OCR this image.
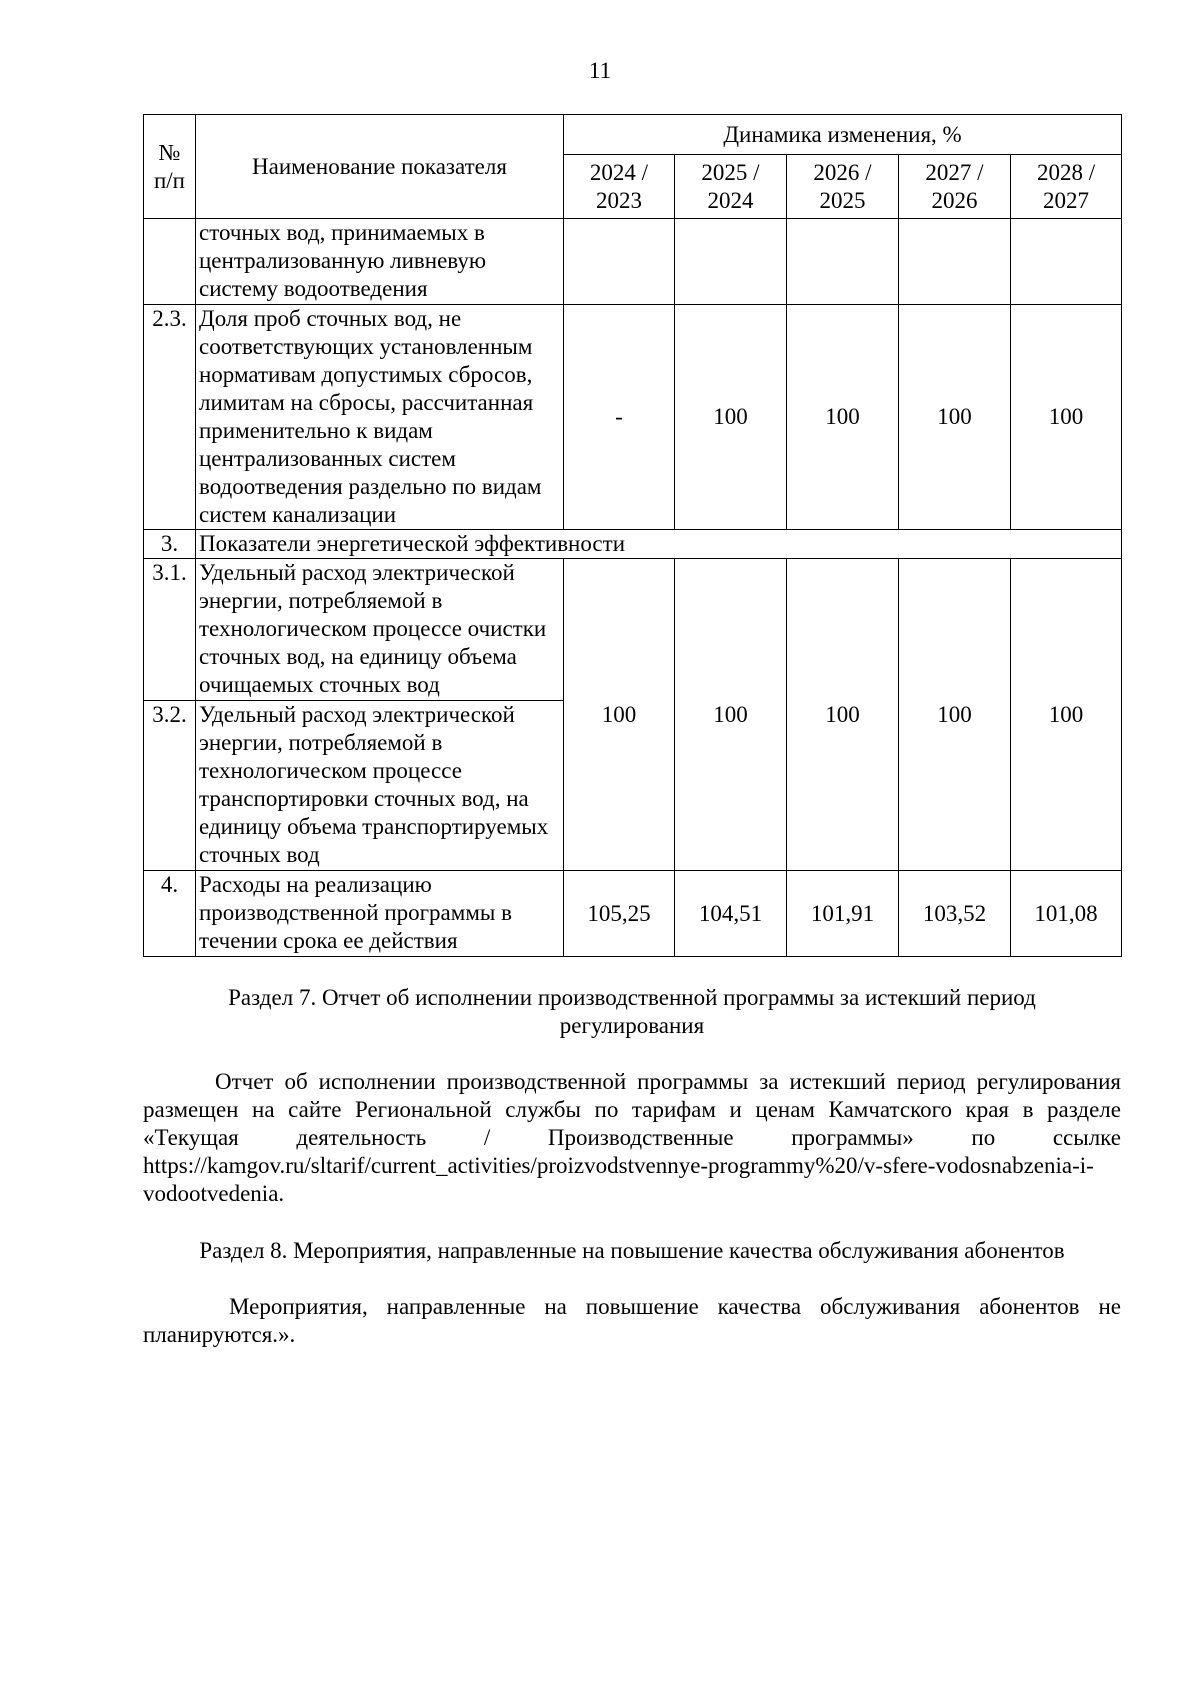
11
№ п/п	Наименование показателя	Динамика изменения, %				
		2024 / 2023	2025 / 2024	2026 / 2025	2027 / 2026	2028 / 2027
	сточных вод, принимаемых в централизованную ливневую систему водоотведения					
2.3.	Доля проб сточных вод, не соответствующих установленным нормативам допустимых сбросов, лимитам на сбросы, рассчитанная применительно к видам централизованных систем водоотведения раздельно по видам систем канализации	-	100	100	100	100
3.	Показатели энергетической эффективности					
3.1.	Удельный расход электрической энергии, потребляемой в технологическом процессе очистки сточных вод, на единицу объема очищаемых сточных вод	100	100	100	100	100
3.2.	Удельный расход электрической энергии, потребляемой в технологическом процессе транспортировки сточных вод, на единицу объема транспортируемых сточных вод					
4.	Расходы на реализацию производственной программы в течении срока ее действия	105,25	104,51	101,91	103,52	101,08
Раздел 7. Отчет об исполнении производственной программы за истекший период регулирования
Отчет об исполнении производственной программы за истекший период регулирования размещен на сайте Региональной службы по тарифам и ценам Камчатского края в разделе «Текущая деятельность / Производственные программы» по ссылке https://kamgov.ru/sltarif/current_activities/proizvodstvennye-programmy%20/v-sfere-vodosnabzenia-i-vodootvedenia.
Раздел 8. Мероприятия, направленные на повышение качества обслуживания абонентов
Мероприятия, направленные на повышение качества обслуживания абонентов не планируются.».
